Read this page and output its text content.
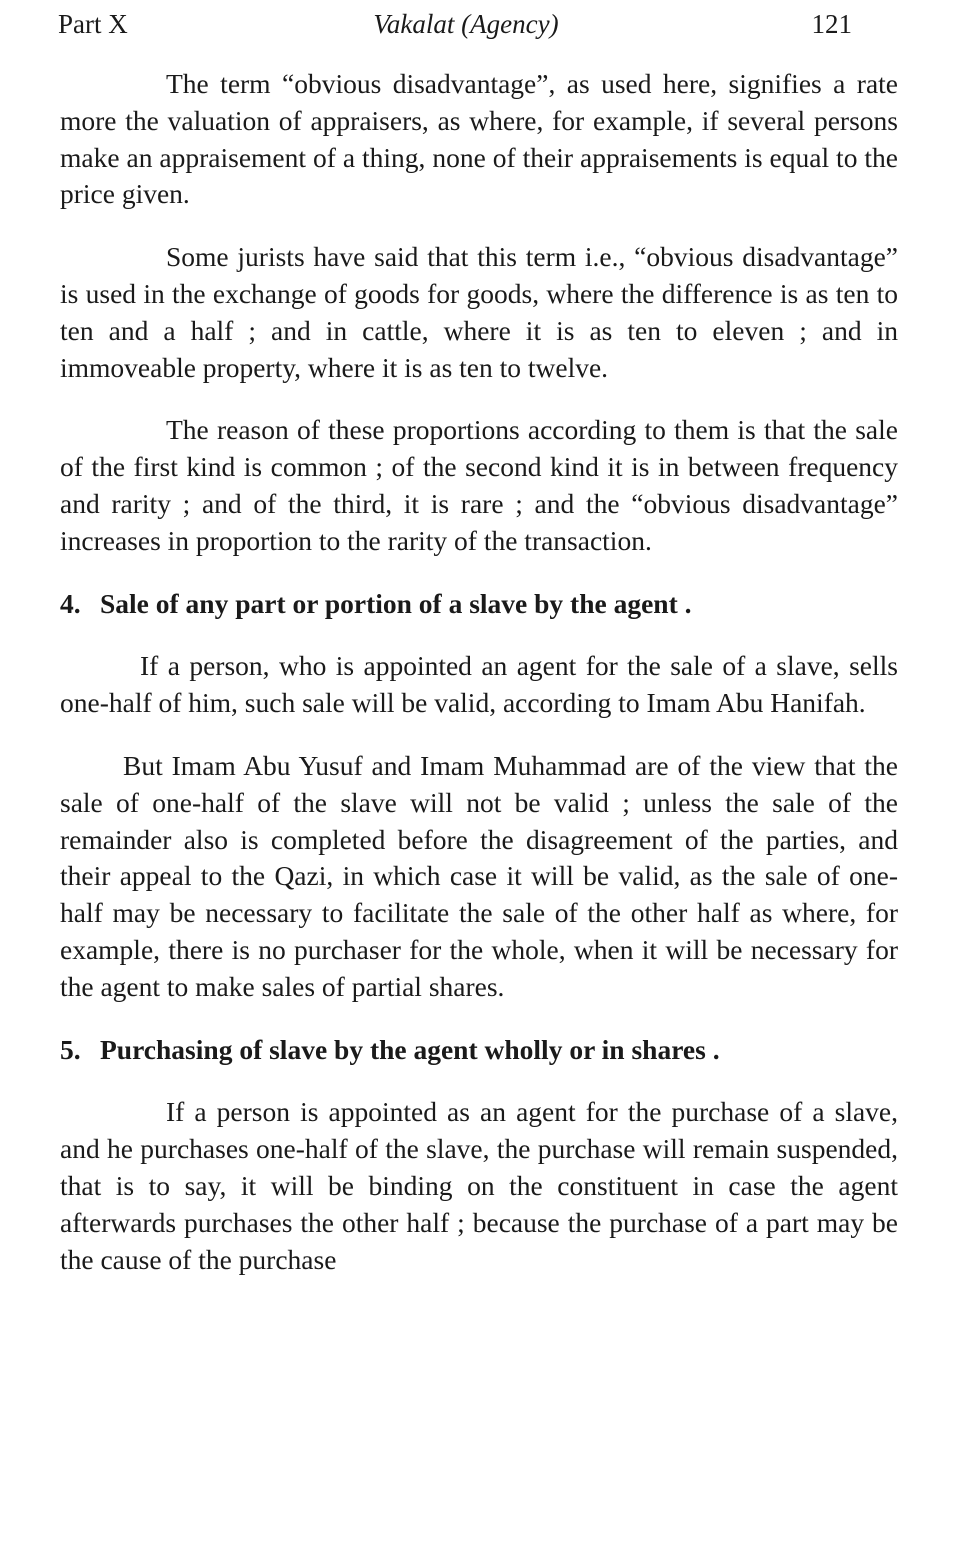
Part X	Vakalat (Agency)	121

The term “obvious disadvantage”, as used here, signifies a rate more the valuation of appraisers, as where, for example, if several persons make an appraisement of a thing, none of their appraisements is equal to the price given.

Some jurists have said that this term i.e., “obvious disadvantage” is used in the exchange of goods for goods, where the difference is as ten to ten and a half ; and in cattle, where it is as ten to eleven ; and in immoveable property, where it is as ten to twelve.

The reason of these proportions according to them is that the sale of the first kind is common ; of the second kind it is in between frequency and rarity ; and of the third, it is rare ; and the “obvious disadvantage” increases in proportion to the rarity of the transaction.

4. Sale of any part or portion of a slave by the agent .

If a person, who is appointed an agent for the sale of a slave, sells one-half of him, such sale will be valid, according to Imam Abu Hanifah.

But Imam Abu Yusuf and Imam Muhammad are of the view that the sale of one-half of the slave will not be valid ; unless the sale of the remainder also is completed before the disagreement of the parties, and their appeal to the Qazi, in which case it will be valid, as the sale of one-half may be necessary to facilitate the sale of the other half as where, for example, there is no purchaser for the whole, when it will be necessary for the agent to make sales of partial shares.

5. Purchasing of slave by the agent wholly or in shares .

If a person is appointed as an agent for the purchase of a slave, and he purchases one-half of the slave, the purchase will remain suspended, that is to say, it will be binding on the constituent in case the agent afterwards purchases the other half ; because the purchase of a part may be the cause of the purchase
